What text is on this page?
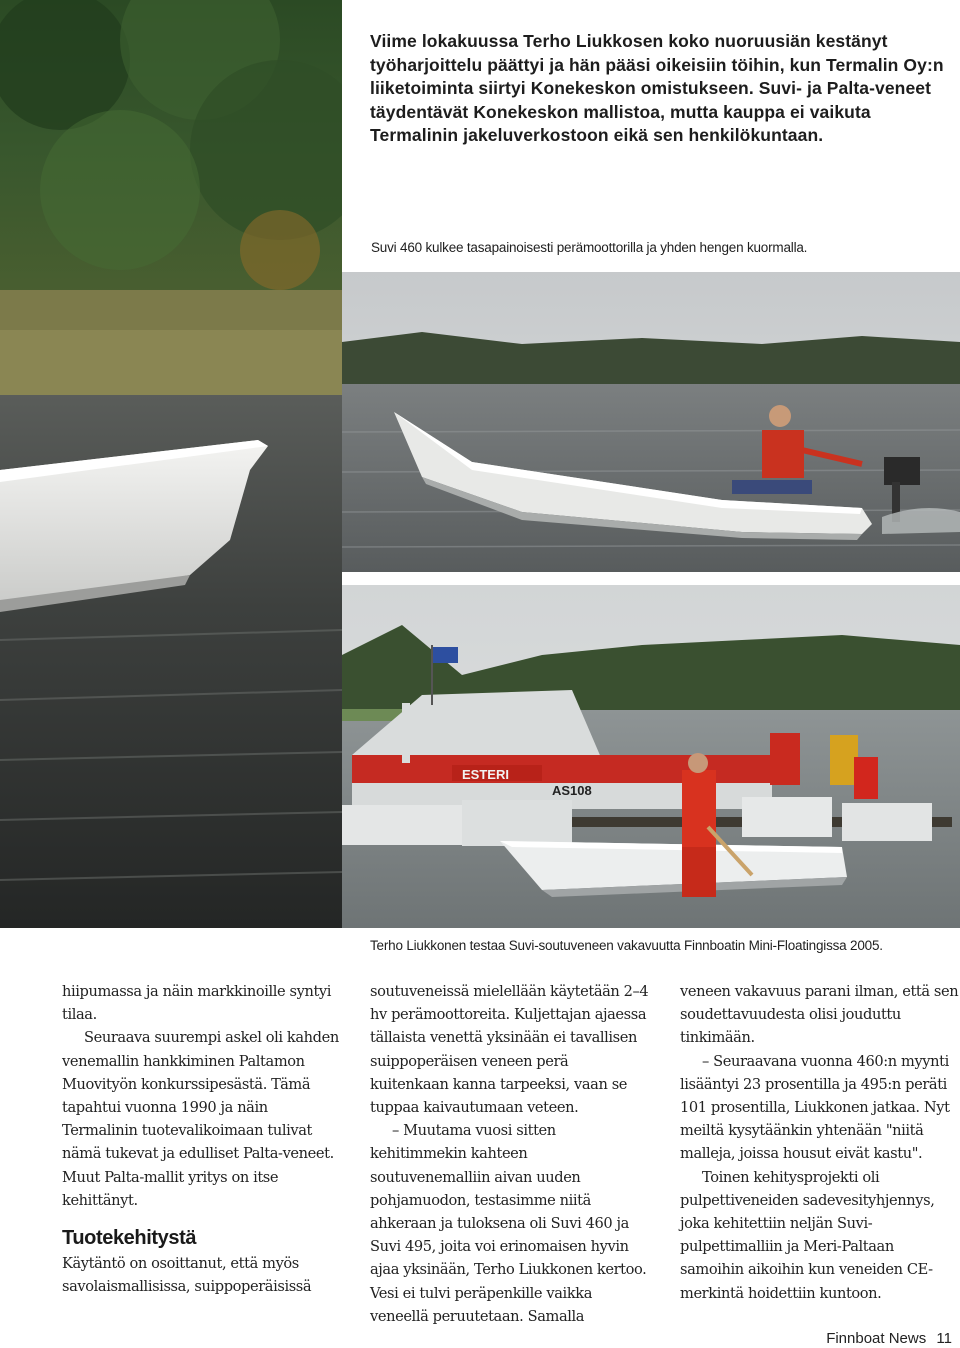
Viime lokakuussa Terho Liukkosen koko nuoruusiän kestänyt työharjoittelu päättyi ja hän pääsi oikeisiin töihin, kun Termalin Oy:n liiketoiminta siirtyi Konekeskon omistukseen. Suvi- ja Palta-veneet täydentävät Konekeskon mallistoa, mutta kauppa ei vaikuta Termalinin jakeluverkostoon eikä sen henkilökuntaan.

Suvi 460 kulkee tasapainoisesti perämoottorilla ja yhden hengen kuormalla.

ESTERI
AS108

Terho Liukkonen testaa Suvi-soutuveneen vakavuutta Finnboatin Mini-Floatingissa 2005.

hiipumassa ja näin markkinoille syntyi tilaa.

Seuraava suurempi askel oli kahden venemallin hankkiminen Paltamon Muovityön konkurssipesästä. Tämä tapahtui vuonna 1990 ja näin Termalinin tuotevalikoimaan tulivat nämä tukevat ja edulliset Palta-veneet. Muut Palta-mallit yritys on itse kehittänyt.

Tuotekehitystä

Käytäntö on osoittanut, että myös savolaismallisissa, suippoperäisissä

soutuveneissä mielellään käytetään 2–4 hv perämoottoreita. Kuljettajan ajaessa tällaista venettä yksinään ei tavallisen suippoperäisen veneen perä kuitenkaan kanna tarpeeksi, vaan se tuppaa kaivautumaan veteen.

– Muutama vuosi sitten kehitimmekin kahteen soutuvenemalliin aivan uuden pohjamuodon, testasimme niitä ahkeraan ja tuloksena oli Suvi 460 ja Suvi 495, joita voi erinomaisen hyvin ajaa yksinään, Terho Liukkonen kertoo. Vesi ei tulvi peräpenkille vaikka veneellä peruutetaan. Samalla

veneen vakavuus parani ilman, että sen soudettavuudesta olisi jouduttu tinkimään.

– Seuraavana vuonna 460:n myynti lisääntyi 23 prosentilla ja 495:n peräti 101 prosentilla, Liukkonen jatkaa. Nyt meiltä kysytäänkin yhtenään "niitä malleja, joissa housut eivät kastu".

Toinen kehitysprojekti oli pulpettiveneiden sadevesityhjennys, joka kehitettiin neljän Suvi-pulpettimalliin ja Meri-Paltaan samoihin aikoihin kun veneiden CE-merkintä hoidettiin kuntoon.

Finnboat News 11
